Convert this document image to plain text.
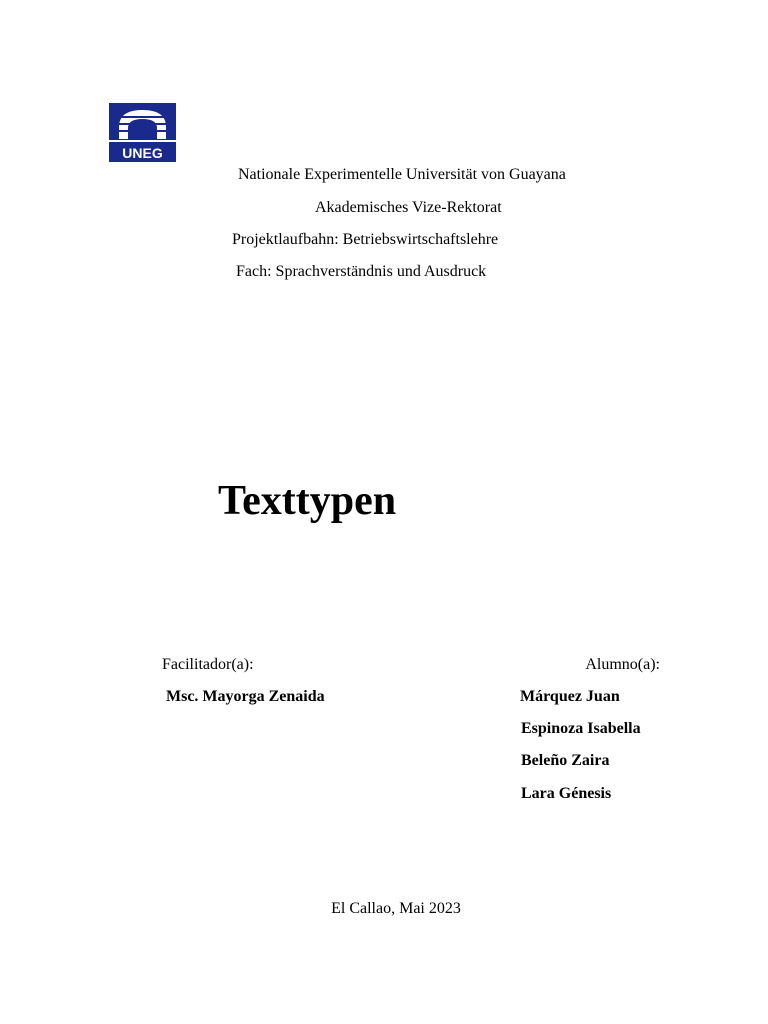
UNEG
Nationale Experimentelle Universität von Guayana
Akademisches Vize-Rektorat
Projektlaufbahn: Betriebswirtschaftslehre
Fach: Sprachverständnis und Ausdruck
Texttypen
Facilitador(a):
Msc. Mayorga Zenaida
Alumno(a):
Márquez Juan
Espinoza Isabella
Beleño Zaira
Lara Génesis
El Callao, Mai 2023
